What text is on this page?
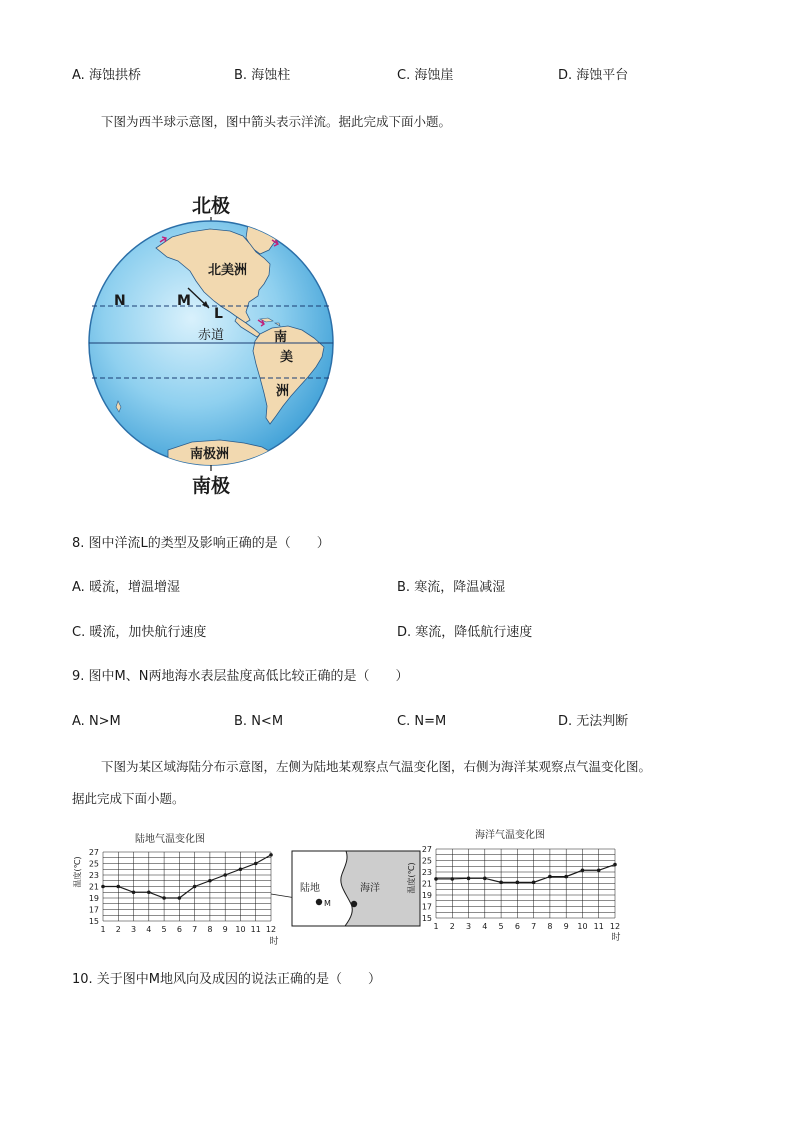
A. 海蚀拱桥	B. 海蚀柱	C. 海蚀崖	D. 海蚀平台
下图为西半球示意图，图中箭头表示洋流。据此完成下面小题。
北极
北美洲
N	M
L
赤道	南
美
洲
南极洲
南极
8. 图中洋流L的类型及影响正确的是（　　）
A. 暖流，增温增湿	B. 寒流，降温减湿
C. 暖流，加快航行速度	D. 寒流，降低航行速度
9. 图中M、N两地海水表层盐度高低比较正确的是（　　）
A. N>M	B. N<M	C. N=M	D. 无法判断
下图为某区域海陆分布示意图，左侧为陆地某观察点气温变化图，右侧为海洋某观察点气温变化图。
据此完成下面小题。
陆地气温变化图
温度(℃)
27
25
23
21
19
17
15
1 2 3 4 5 6 7 8 9 10 11 12
时
陆地
M
海洋
海洋气温变化图
温度(℃)
27
25
23
21
19
17
15
1 2 3 4 5 6 7 8 9 10 11 12
时
10. 关于图中M地风向及成因的说法正确的是（　　）
